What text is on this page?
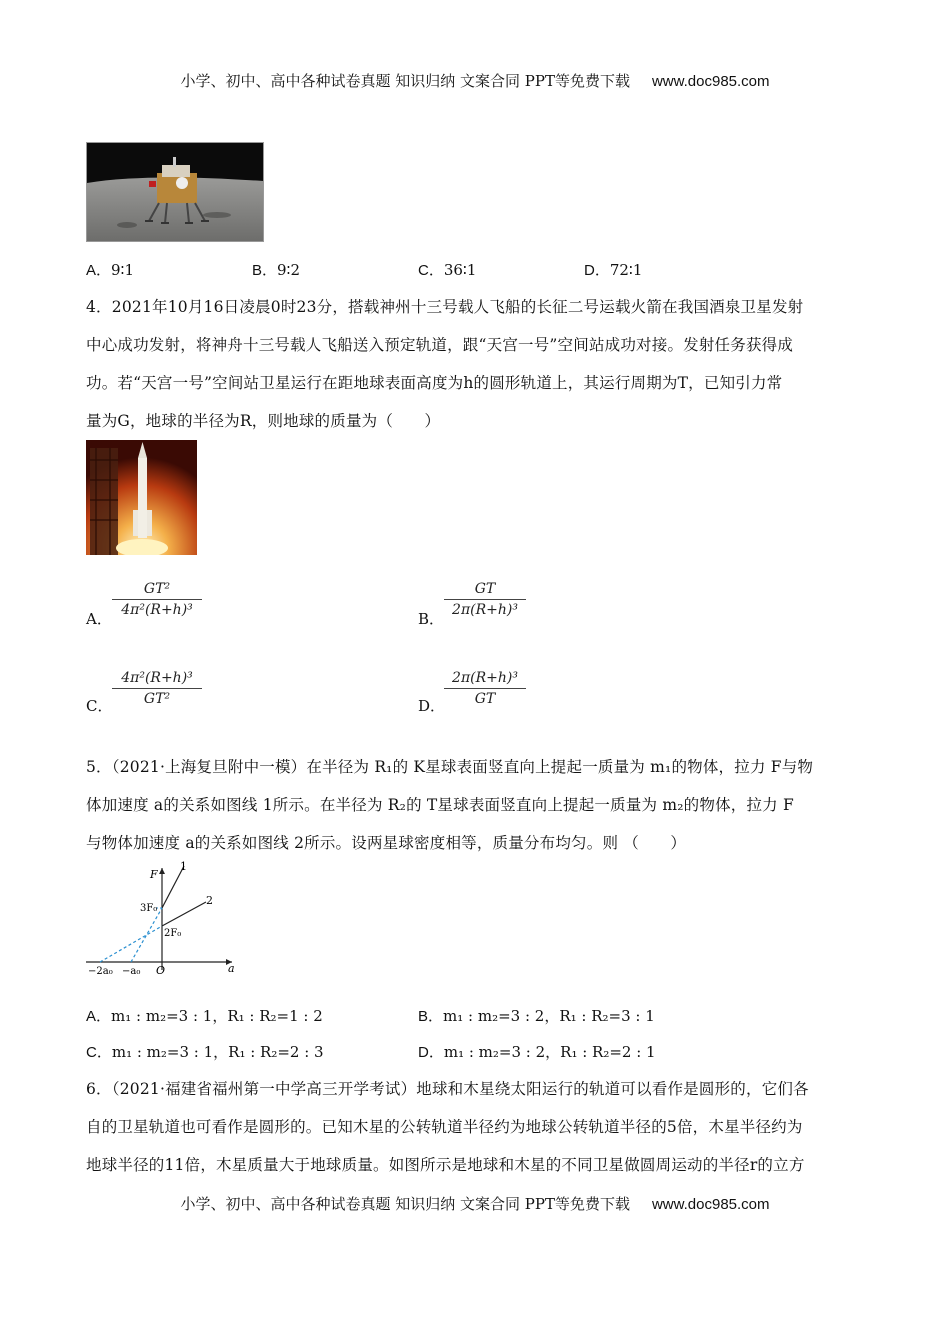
小学、初中、高中各种试卷真题 知识归纳 文案合同 PPT等免费下载 www.doc985.com
A．9∶1	B．9∶2	C．36∶1	D．72∶1
4．2021年10月16日凌晨0时23分，搭载神州十三号载人飞船的长征二号运载火箭在我国酒泉卫星发射
中心成功发射，将神舟十三号载人飞船送入预定轨道，跟“天宫一号”空间站成功对接。发射任务获得成
功。若“天宫一号”空间站卫星运行在距地球表面高度为h的圆形轨道上，其运行周期为T，已知引力常
量为G，地球的半径为R，则地球的质量为（　　）
A．
GT²
4π²(R+h)³	B．
GT
2π(R+h)³
C．
4π²(R+h)³
GT²	D．
2π(R+h)³
GT
5．（2021·上海复旦附中一模）在半径为 R₁的 K星球表面竖直向上提起一质量为 m₁的物体，拉力 F与物
体加速度 a的关系如图线 1所示。在半径为 R₂的 T星球表面竖直向上提起一质量为 m₂的物体，拉力 F
与物体加速度 a的关系如图线 2所示。设两星球密度相等，质量分布均匀。则 （　　）
1
2
F
a
O
3F₀
2F₀
−2a₀ −a₀
A．m₁ : m₂=3 : 1，R₁ : R₂=1 : 2	B．m₁ : m₂=3 : 2，R₁ : R₂=3 : 1
C．m₁ : m₂=3 : 1，R₁ : R₂=2 : 3	D．m₁ : m₂=3 : 2，R₁ : R₂=2 : 1
6．（2021·福建省福州第一中学高三开学考试）地球和木星绕太阳运行的轨道可以看作是圆形的，它们各
自的卫星轨道也可看作是圆形的。已知木星的公转轨道半径约为地球公转轨道半径的5倍，木星半径约为
地球半径的11倍，木星质量大于地球质量。如图所示是地球和木星的不同卫星做圆周运动的半径r的立方
小学、初中、高中各种试卷真题 知识归纳 文案合同 PPT等免费下载 www.doc985.com
